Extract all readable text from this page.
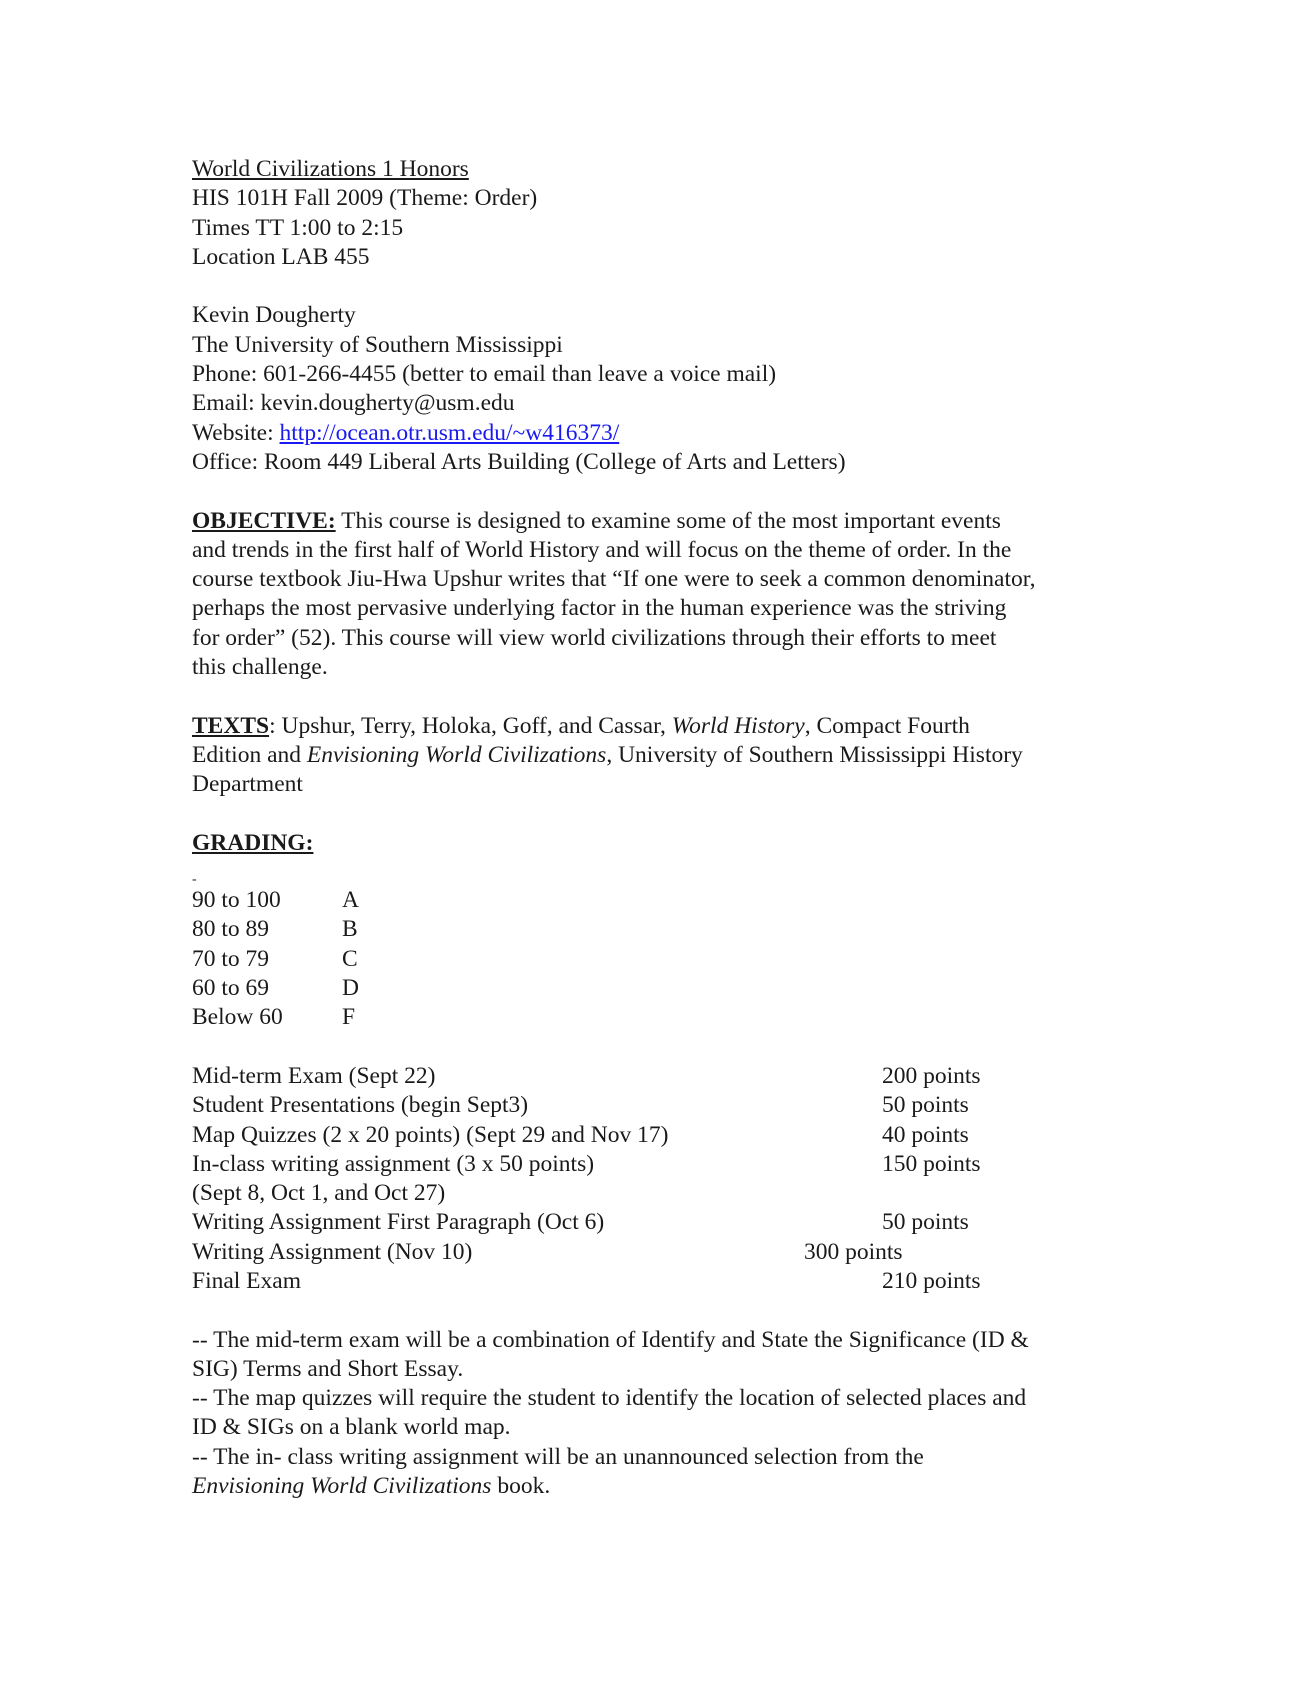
World Civilizations 1 Honors
HIS 101H Fall 2009 (Theme: Order)
Times TT 1:00 to 2:15
Location LAB 455
Kevin Dougherty
The University of Southern Mississippi
Phone: 601-266-4455 (better to email than leave a voice mail)
Email: kevin.dougherty@usm.edu
Website: http://ocean.otr.usm.edu/~w416373/
Office: Room 449 Liberal Arts Building (College of Arts and Letters)
OBJECTIVE: This course is designed to examine some of the most important events
and trends in the first half of World History and will focus on the theme of order. In the
course textbook Jiu-Hwa Upshur writes that “If one were to seek a common denominator,
perhaps the most pervasive underlying factor in the human experience was the striving
for order” (52). This course will view world civilizations through their efforts to meet
this challenge.
TEXTS: Upshur, Terry, Holoka, Goff, and Cassar, World History, Compact Fourth
Edition and Envisioning World Civilizations, University of Southern Mississippi History
Department
GRADING:
-
90 to 100	A
80 to 89	B
70 to 79	C
60 to 69	D
Below 60	F
Mid-term Exam (Sept 22)	200 points
Student Presentations (begin Sept3)	50 points
Map Quizzes (2 x 20 points) (Sept 29 and Nov 17)	40 points
In-class writing assignment (3 x 50 points)	150 points
(Sept 8, Oct 1, and Oct 27)
Writing Assignment First Paragraph (Oct 6)	50 points
Writing Assignment (Nov 10)	300 points
Final Exam	210 points
-- The mid-term exam will be a combination of Identify and State the Significance (ID &
SIG) Terms and Short Essay.
-- The map quizzes will require the student to identify the location of selected places and
ID & SIGs on a blank world map.
-- The in- class writing assignment will be an unannounced selection from the
Envisioning World Civilizations book.
